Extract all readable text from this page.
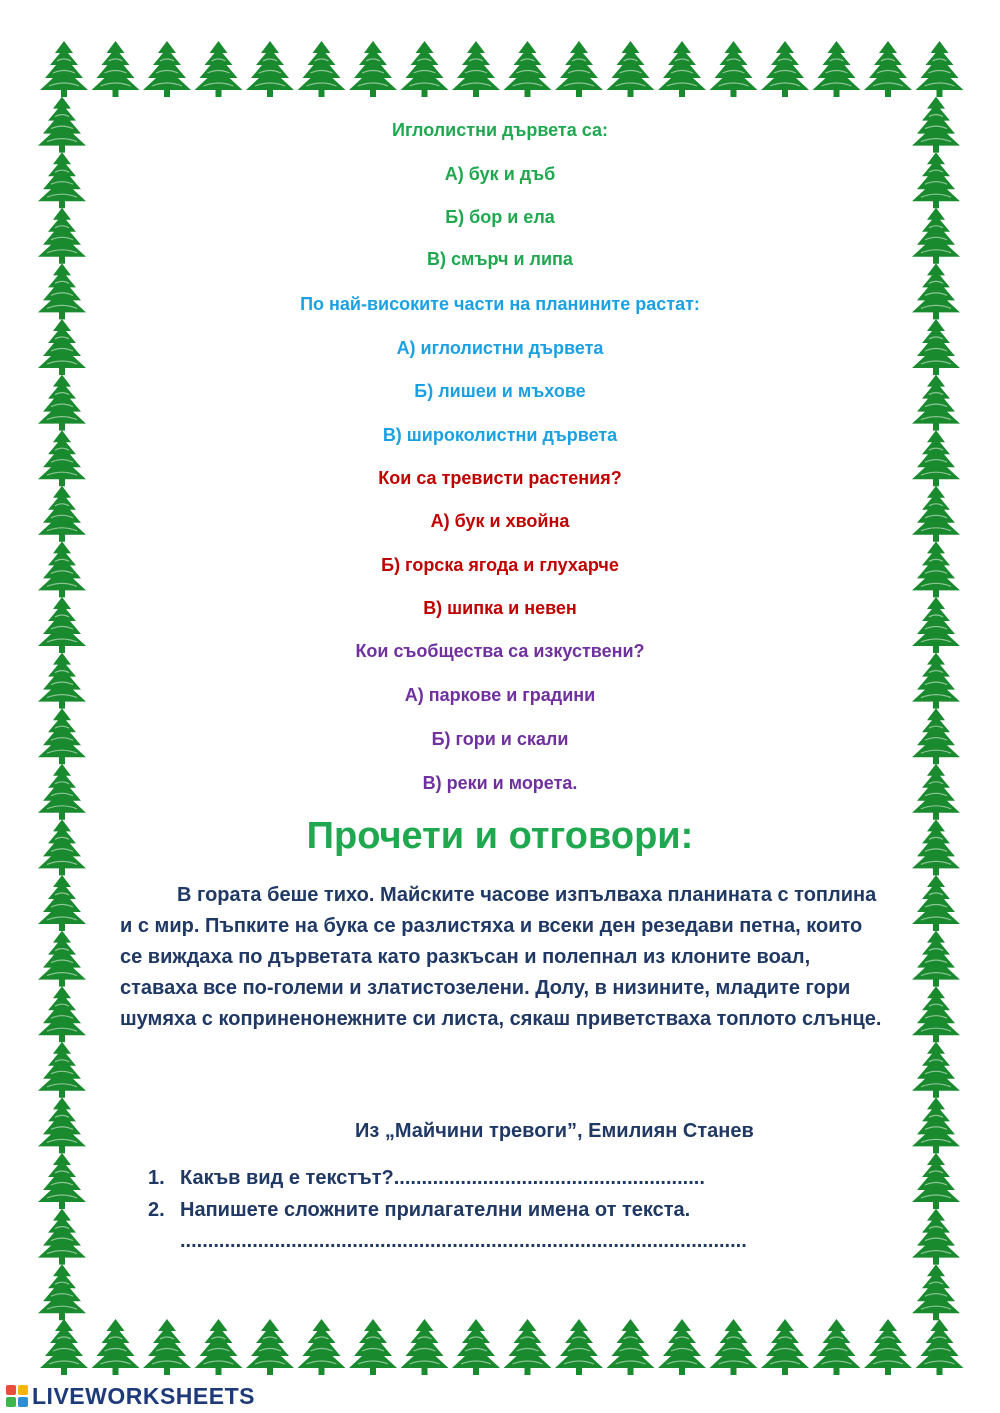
Иглолистни дървета са:
А) бук и дъб
Б) бор и ела
В) смърч и липа
По най-високите части на планините растат:
А) иглолистни дървета
Б) лишеи и мъхове
В) широколистни дървета
Кои са тревисти растения?
А) бук и хвойна
Б) горска ягода и глухарче
В) шипка и невен
Кои съобщества са изкуствени?
А) паркове и градини
Б) гори и скали
В) реки и морета.
Прочети и отговори:
В гората беше тихо. Майските часове изпълваха планината с топлина и с мир. Пъпките на бука се разлистяха и всеки ден резедави петна, които се виждаха по дърветата като разкъсан и полепнал из клоните воал, ставаха все по-големи и златистозелени. Долу, в низините, младите гори шумяха с коприненонежните си листа, сякаш приветстваха топлото слънце.
Из „Майчини тревоги”, Емилиян Станев
1. Какъв вид е текстът?........................................................
2. Напишете сложните прилагателни имена от текста.
......................................................................................................
LIVEWORKSHEETS
